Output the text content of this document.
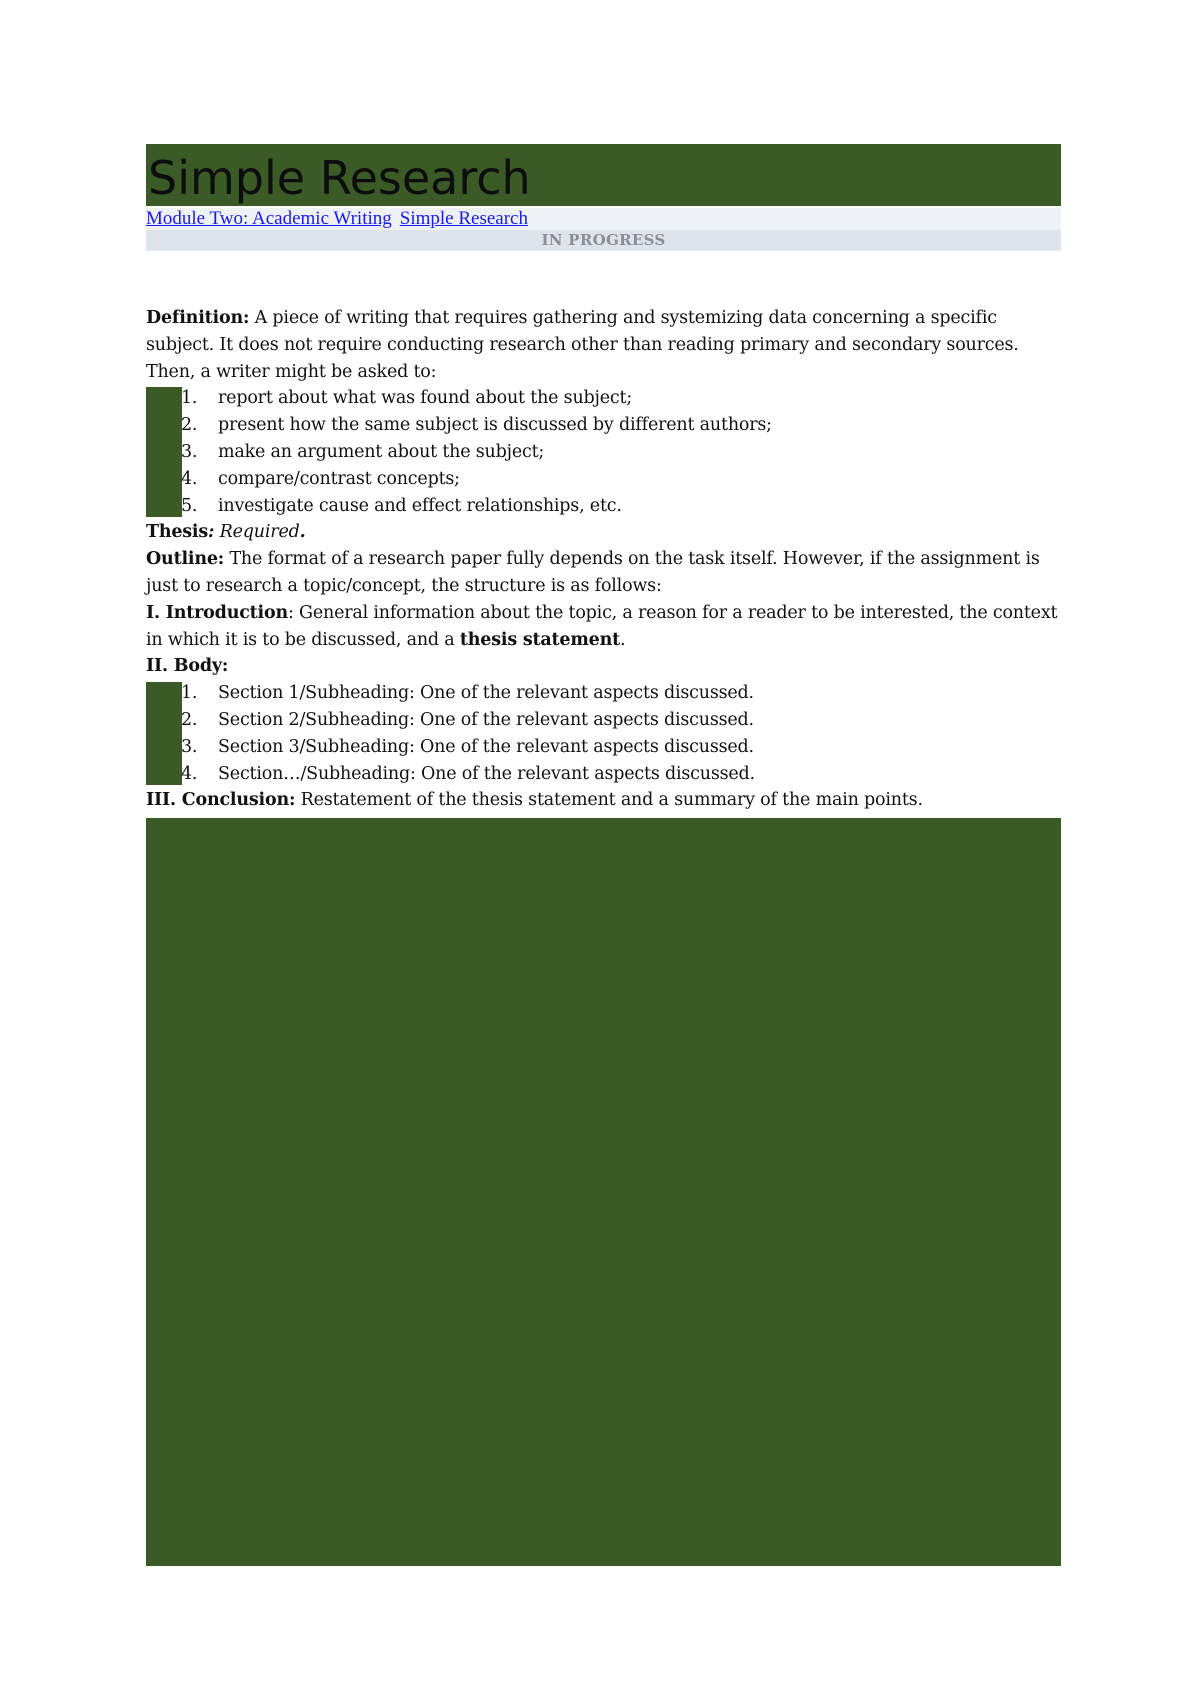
Simple Research
Module Two: Academic Writing Simple Research
IN PROGRESS

Definition: A piece of writing that requires gathering and systemizing data concerning a specific subject. It does not require conducting research other than reading primary and secondary sources. Then, a writer might be asked to:

1. report about what was found about the subject;
2. present how the same subject is discussed by different authors;
3. make an argument about the subject;
4. compare/contrast concepts;
5. investigate cause and effect relationships, etc.

Thesis: Required.

Outline: The format of a research paper fully depends on the task itself. However, if the assignment is just to research a topic/concept, the structure is as follows:

I. Introduction: General information about the topic, a reason for a reader to be interested, the context in which it is to be discussed, and a thesis statement.

II. Body:

1. Section 1/Subheading: One of the relevant aspects discussed.
2. Section 2/Subheading: One of the relevant aspects discussed.
3. Section 3/Subheading: One of the relevant aspects discussed.
4. Section…/Subheading: One of the relevant aspects discussed.

III. Conclusion: Restatement of the thesis statement and a summary of the main points.
